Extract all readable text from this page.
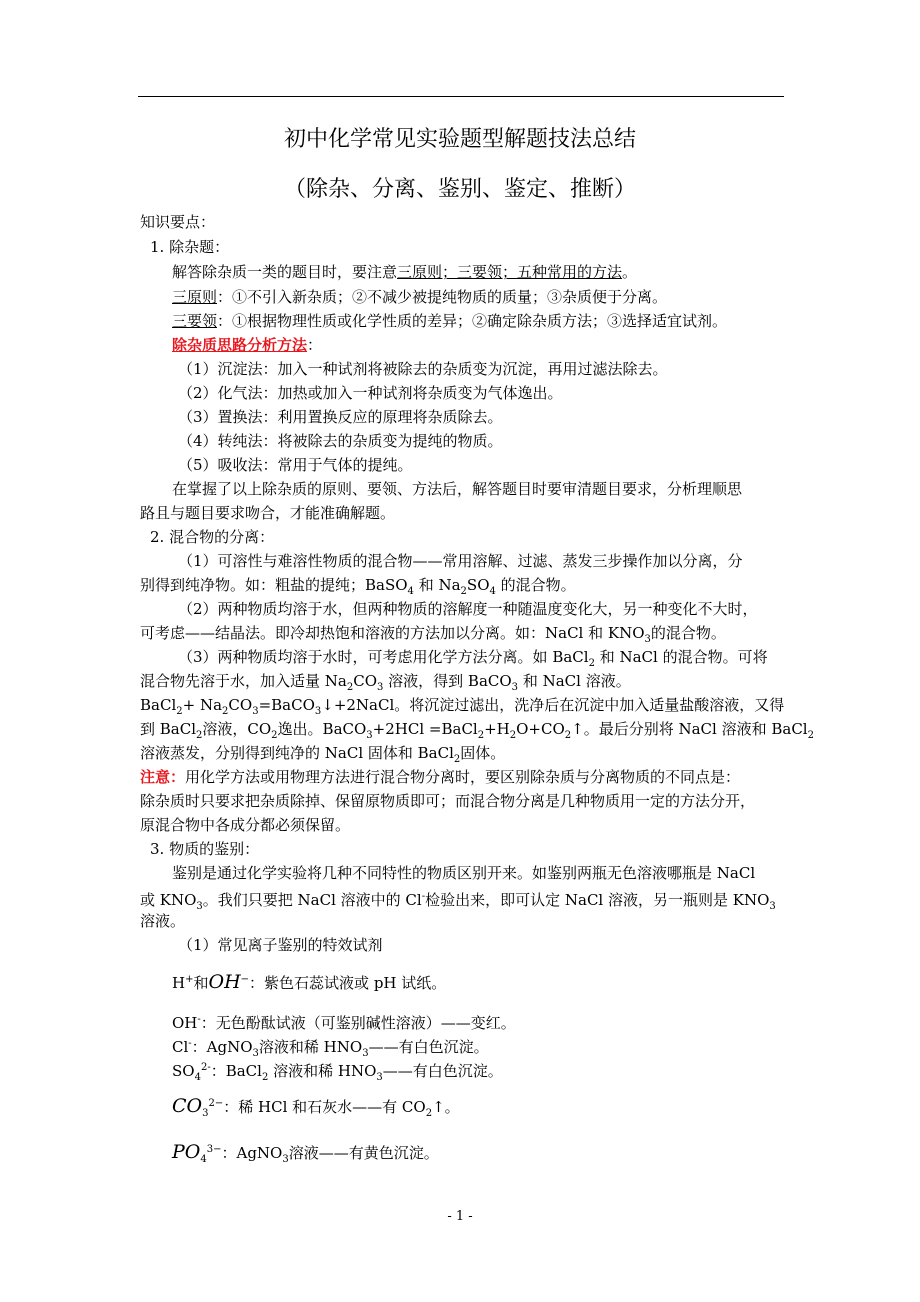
初中化学常见实验题型解题技法总结
（除杂、分离、鉴别、鉴定、推断）
知识要点：
1. 除杂题：
解答除杂质一类的题目时，要注意三原则；三要领；五种常用的方法。
三原则：①不引入新杂质；②不减少被提纯物质的质量；③杂质便于分离。
三要领：①根据物理性质或化学性质的差异；②确定除杂质方法；③选择适宜试剂。
除杂质思路分析方法：
（1）沉淀法：加入一种试剂将被除去的杂质变为沉淀，再用过滤法除去。
（2）化气法：加热或加入一种试剂将杂质变为气体逸出。
（3）置换法：利用置换反应的原理将杂质除去。
（4）转纯法：将被除去的杂质变为提纯的物质。
（5）吸收法：常用于气体的提纯。
在掌握了以上除杂质的原则、要领、方法后，解答题目时要审清题目要求，分析理顺思
路且与题目要求吻合，才能准确解题。
2. 混合物的分离：
（1）可溶性与难溶性物质的混合物——常用溶解、过滤、蒸发三步操作加以分离，分
别得到纯净物。如：粗盐的提纯；BaSO$_4$ 和 $Na_2SO_4$ 的混合物。
（2）两种物质均溶于水，但两种物质的溶解度一种随温度变化大，另一种变化不大时，
可考虑——结晶法。即冷却热饱和溶液的方法加以分离。如：NaCl 和 $KNO_3$的混合物。
（3）两种物质均溶于水时，可考虑用化学方法分离。如 BaCl$_2$ 和 NaCl 的混合物。可将
混合物先溶于水，加入适量 $Na_2CO_3$ 溶液，得到 BaCO$_3$ 和 NaCl 溶液。
BaCl$_2$+ $Na_2CO_3=BaCO_3↓+2NaCl$。将沉淀过滤出，洗净后在沉淀中加入适量盐酸溶液，又得
到 BaCl$_2$溶液，$CO_2$逸出。BaCO$_3$+2HCl $=BaCl_2+H_2O+CO_2↑$。最后分别将 NaCl 溶液和 BaCl$_2$
溶液蒸发，分别得到纯净的 NaCl 固体和 BaCl$_2$固体。
注意：用化学方法或用物理方法进行混合物分离时，要区别除杂质与分离物质的不同点是：
除杂质时只要求把杂质除掉、保留原物质即可；而混合物分离是几种物质用一定的方法分开，
原混合物中各成分都必须保留。
3. 物质的鉴别：
鉴别是通过化学实验将几种不同特性的物质区别开来。如鉴别两瓶无色溶液哪瓶是 NaCl
或 $KNO_3$。我们只要把 NaCl 溶液中的 Cl-检验出来，即可认定 NaCl 溶液，另一瓶则是 $KNO_3$
溶液。
（1）常见离子鉴别的特效试剂
H+和OH−：紫色石蕊试液或 pH 试纸。
OH-：无色酚酞试液（可鉴别碱性溶液）——变红。
Cl-：AgNO$_3$溶液和稀 $HNO_3——$有白色沉淀。
$SO_4^{2-}$：BaCl$_2$ 溶液和稀 $HNO_3——$有白色沉淀。
$CO_3^{2-}$：稀 HCl 和石灰水——有 $CO_2↑$。
$PO_4^{3-}$：AgNO$_3$溶液——有黄色沉淀。
- 1 -
